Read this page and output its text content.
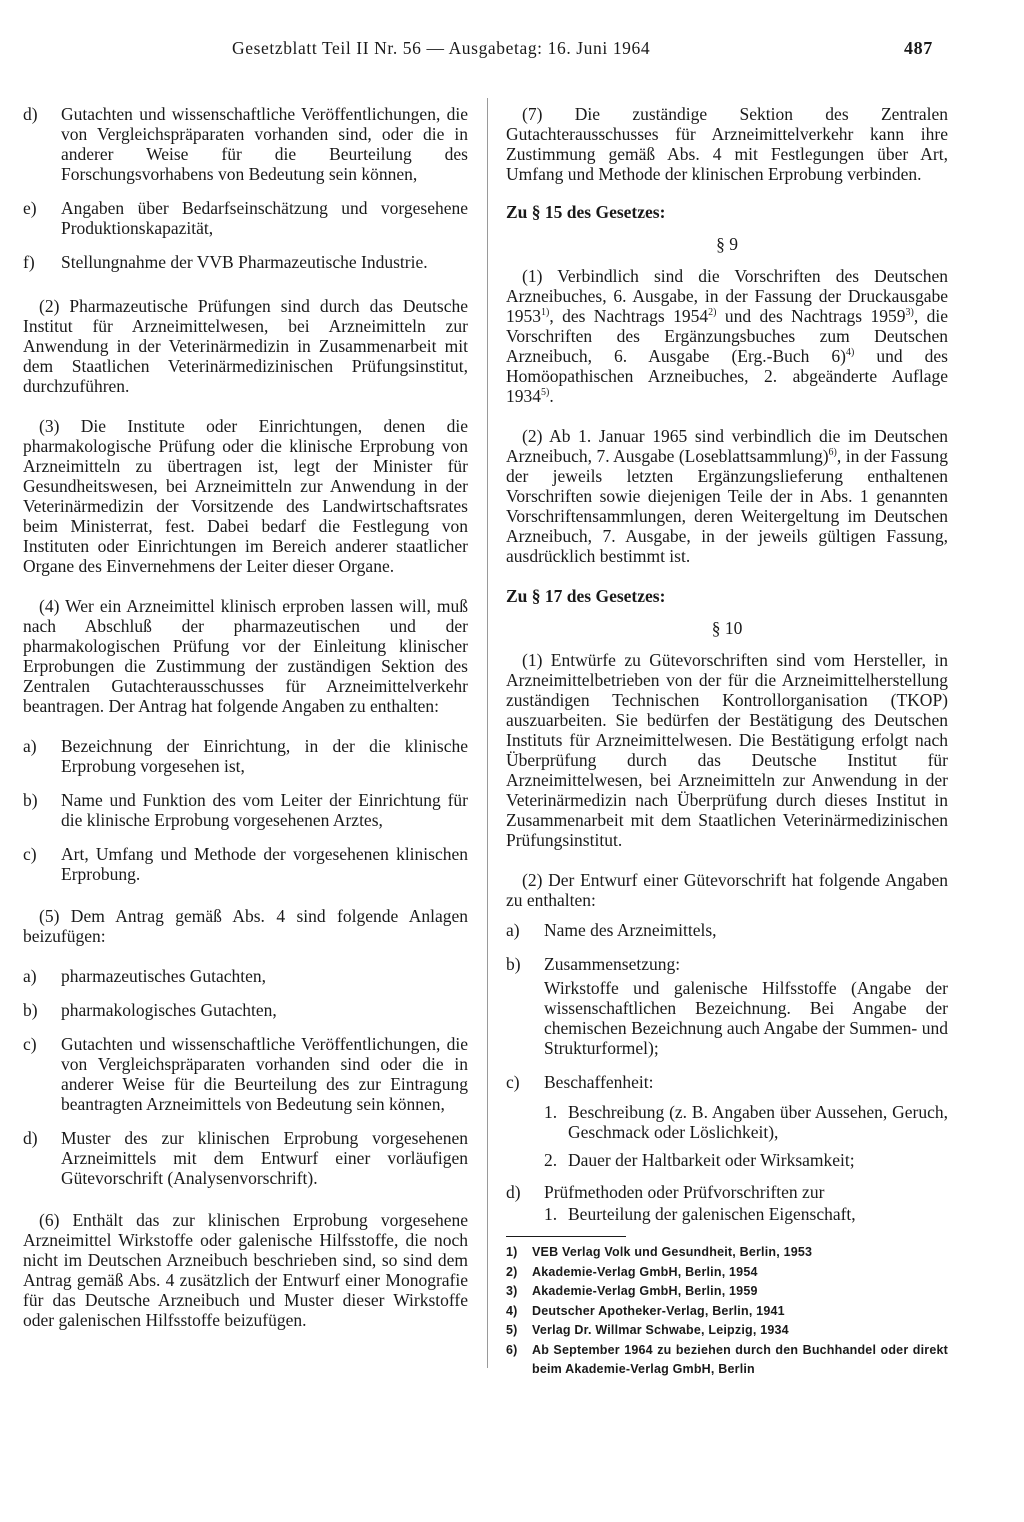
Gesetzblatt Teil II Nr. 56 — Ausgabetag: 16. Juni 1964	487
d)	Gutachten und wissenschaftliche Veröffentlichungen, die von Vergleichspräparaten vorhanden sind, oder die in anderer Weise für die Beurteilung des Forschungsvorhabens von Bedeutung sein können,
e)	Angaben über Bedarfseinschätzung und vorgesehene Produktionskapazität,
f)	Stellungnahme der VVB Pharmazeutische Industrie.

(2) Pharmazeutische Prüfungen sind durch das Deutsche Institut für Arzneimittelwesen, bei Arzneimitteln zur Anwendung in der Veterinärmedizin in Zusammenarbeit mit dem Staatlichen Veterinärmedizinischen Prüfungsinstitut, durchzuführen.

(3) Die Institute oder Einrichtungen, denen die pharmakologische Prüfung oder die klinische Erprobung von Arzneimitteln zu übertragen ist, legt der Minister für Gesundheitswesen, bei Arzneimitteln zur Anwendung in der Veterinärmedizin der Vorsitzende des Landwirtschaftsrates beim Ministerrat, fest. Dabei bedarf die Festlegung von Instituten oder Einrichtungen im Bereich anderer staatlicher Organe des Einvernehmens der Leiter dieser Organe.

(4) Wer ein Arzneimittel klinisch erproben lassen will, muß nach Abschluß der pharmazeutischen und der pharmakologischen Prüfung vor der Einleitung klinischer Erprobungen die Zustimmung der zuständigen Sektion des Zentralen Gutachterausschusses für Arzneimittelverkehr beantragen. Der Antrag hat folgende Angaben zu enthalten:

a)	Bezeichnung der Einrichtung, in der die klinische Erprobung vorgesehen ist,
b)	Name und Funktion des vom Leiter der Einrichtung für die klinische Erprobung vorgesehenen Arztes,
c)	Art, Umfang und Methode der vorgesehenen klinischen Erprobung.

(5) Dem Antrag gemäß Abs. 4 sind folgende Anlagen beizufügen:

a)	pharmazeutisches Gutachten,
b)	pharmakologisches Gutachten,
c)	Gutachten und wissenschaftliche Veröffentlichungen, die von Vergleichspräparaten vorhanden sind oder die in anderer Weise für die Beurteilung des zur Eintragung beantragten Arzneimittels von Bedeutung sein können,
d)	Muster des zur klinischen Erprobung vorgesehenen Arzneimittels mit dem Entwurf einer vorläufigen Gütevorschrift (Analysenvorschrift).

(6) Enthält das zur klinischen Erprobung vorgesehene Arzneimittel Wirkstoffe oder galenische Hilfsstoffe, die noch nicht im Deutschen Arzneibuch beschrieben sind, so sind dem Antrag gemäß Abs. 4 zusätzlich der Entwurf einer Monografie für das Deutsche Arzneibuch und Muster dieser Wirkstoffe oder galenischen Hilfsstoffe beizufügen.

(7) Die zuständige Sektion des Zentralen Gutachterausschusses für Arzneimittelverkehr kann ihre Zustimmung gemäß Abs. 4 mit Festlegungen über Art, Umfang und Methode der klinischen Erprobung verbinden.

Zu § 15 des Gesetzes:
§ 9

(1) Verbindlich sind die Vorschriften des Deutschen Arzneibuches, 6. Ausgabe, in der Fassung der Druckausgabe 1953$^{1)}$, des Nachtrags 1954$^{2)}$ und des Nachtrags 1959$^{3)}$, die Vorschriften des Ergänzungsbuches zum Deutschen Arzneibuch, 6. Ausgabe (Erg.-Buch 6)$^{4)}$ und des Homöopathischen Arzneibuches, 2. abgeänderte Auflage 1934$^{5)}$.

(2) Ab 1. Januar 1965 sind verbindlich die im Deutschen Arzneibuch, 7. Ausgabe (Loseblattsammlung)$^{6)}$, in der Fassung der jeweils letzten Ergänzungslieferung enthaltenen Vorschriften sowie diejenigen Teile der in Abs. 1 genannten Vorschriftensammlungen, deren Weitergeltung im Deutschen Arzneibuch, 7. Ausgabe, in der jeweils gültigen Fassung, ausdrücklich bestimmt ist.

Zu § 17 des Gesetzes:
§ 10

(1) Entwürfe zu Gütevorschriften sind vom Hersteller, in Arzneimittelbetrieben von der für die Arzneimittelherstellung zuständigen Technischen Kontrollorganisation (TKOP) auszuarbeiten. Sie bedürfen der Bestätigung des Deutschen Instituts für Arzneimittelwesen. Die Bestätigung erfolgt nach Überprüfung durch das Deutsche Institut für Arzneimittelwesen, bei Arzneimitteln zur Anwendung in der Veterinärmedizin nach Überprüfung durch dieses Institut in Zusammenarbeit mit dem Staatlichen Veterinärmedizinischen Prüfungsinstitut.

(2) Der Entwurf einer Gütevorschrift hat folgende Angaben zu enthalten:

a)	Name des Arzneimittels,
b)	Zusammensetzung:
Wirkstoffe und galenische Hilfsstoffe (Angabe der wissenschaftlichen Bezeichnung. Bei Angabe der chemischen Bezeichnung auch Angabe der Summen- und Strukturformel);
c)	Beschaffenheit:
1. Beschreibung (z. B. Angaben über Aussehen, Geruch, Geschmack oder Löslichkeit),
2. Dauer der Haltbarkeit oder Wirksamkeit;
d)	Prüfmethoden oder Prüfvorschriften zur
1. Beurteilung der galenischen Eigenschaft,
1)	VEB Verlag Volk und Gesundheit, Berlin, 1953
2)	Akademie-Verlag GmbH, Berlin, 1954
3)	Akademie-Verlag GmbH, Berlin, 1959
4)	Deutscher Apotheker-Verlag, Berlin, 1941
5)	Verlag Dr. Willmar Schwabe, Leipzig, 1934
6)	Ab September 1964 zu beziehen durch den Buchhandel oder direkt beim Akademie-Verlag GmbH, Berlin
